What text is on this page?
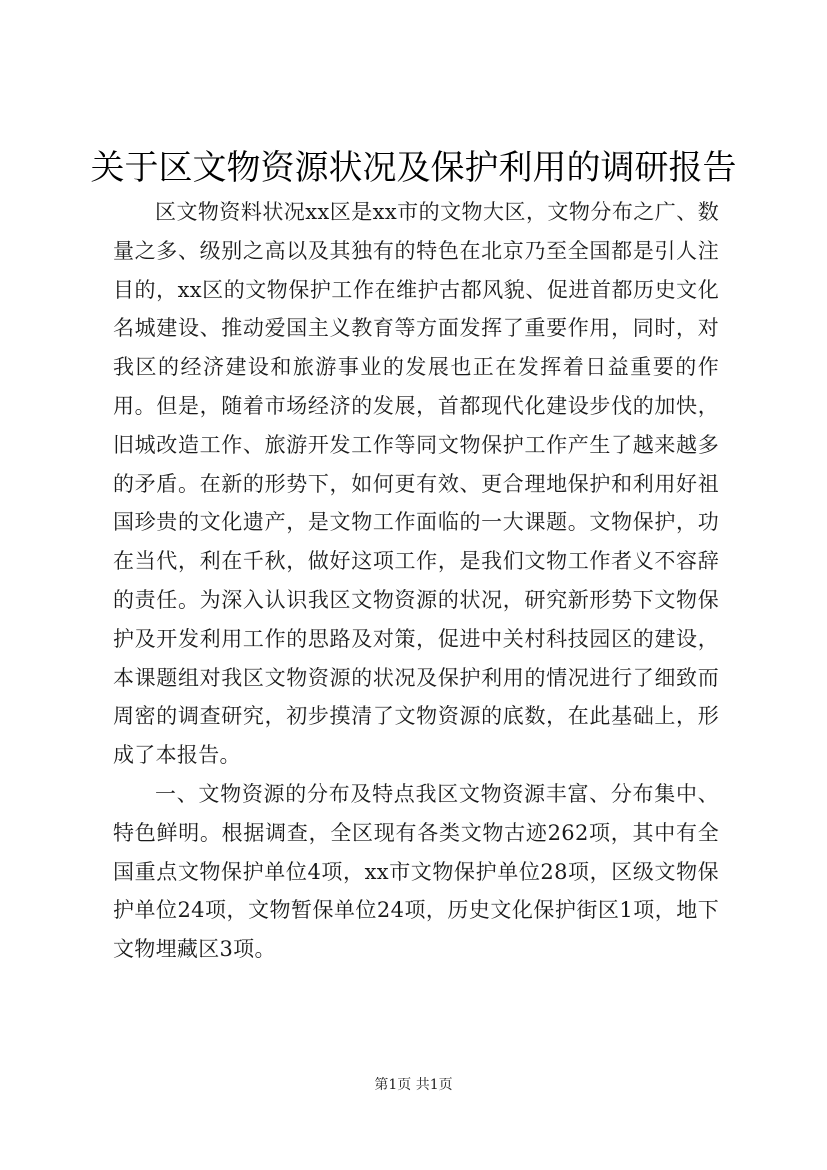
关于区文物资源状况及保护利用的调研报告

区文物资料状况xx区是xx市的文物大区，文物分布之广、数量之多、级别之高以及其独有的特色在北京乃至全国都是引人注目的，xx区的文物保护工作在维护古都风貌、促进首都历史文化名城建设、推动爱国主义教育等方面发挥了重要作用，同时，对我区的经济建设和旅游事业的发展也正在发挥着日益重要的作用。但是，随着市场经济的发展，首都现代化建设步伐的加快，旧城改造工作、旅游开发工作等同文物保护工作产生了越来越多的矛盾。在新的形势下，如何更有效、更合理地保护和利用好祖国珍贵的文化遗产，是文物工作面临的一大课题。文物保护，功在当代，利在千秋，做好这项工作，是我们文物工作者义不容辞的责任。为深入认识我区文物资源的状况，研究新形势下文物保护及开发利用工作的思路及对策，促进中关村科技园区的建设，本课题组对我区文物资源的状况及保护利用的情况进行了细致而周密的调查研究，初步摸清了文物资源的底数，在此基础上，形成了本报告。

一、文物资源的分布及特点我区文物资源丰富、分布集中、特色鲜明。根据调查，全区现有各类文物古迹262项，其中有全国重点文物保护单位4项，xx市文物保护单位28项，区级文物保护单位24项，文物暂保单位24项，历史文化保护街区1项，地下文物埋藏区3项。

第1页 共1页
